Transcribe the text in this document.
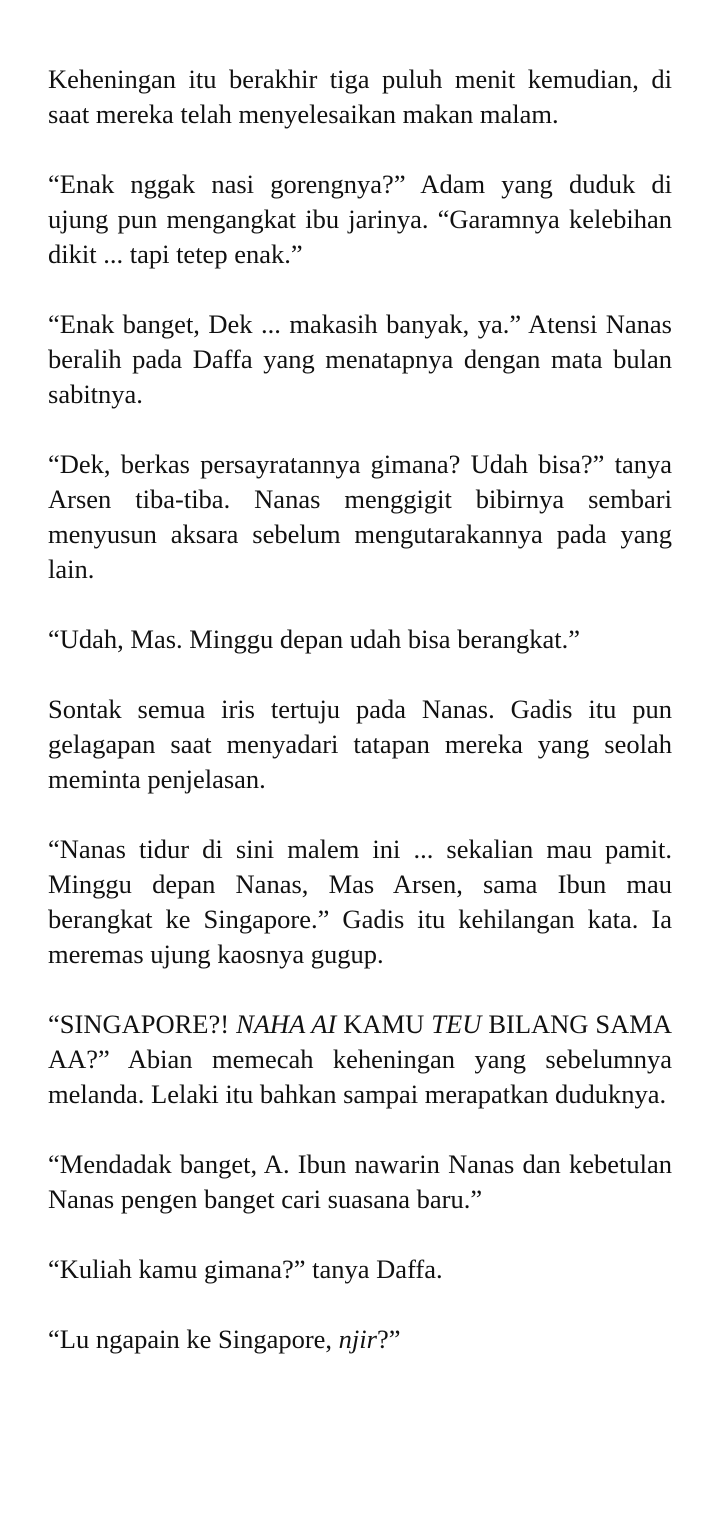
Keheningan itu berakhir tiga puluh menit kemudian, di saat mereka telah menyelesaikan makan malam.

“Enak nggak nasi gorengnya?” Adam yang duduk di ujung pun mengangkat ibu jarinya. “Garamnya kelebihan dikit ... tapi tetep enak.”

“Enak banget, Dek ... makasih banyak, ya.” Atensi Nanas beralih pada Daffa yang menatapnya dengan mata bulan sabitnya.

“Dek, berkas persayratannya gimana? Udah bisa?” tanya Arsen tiba-tiba. Nanas menggigit bibirnya sembari menyusun aksara sebelum mengutarakannya pada yang lain.

“Udah, Mas. Minggu depan udah bisa berangkat.”

Sontak semua iris tertuju pada Nanas. Gadis itu pun gelagapan saat menyadari tatapan mereka yang seolah meminta penjelasan.

“Nanas tidur di sini malem ini ... sekalian mau pamit. Minggu depan Nanas, Mas Arsen, sama Ibun mau berangkat ke Singapore.” Gadis itu kehilangan kata. Ia meremas ujung kaosnya gugup.

“SINGAPORE?! NAHA AI KAMU TEU BILANG SAMA AA?” Abian memecah keheningan yang sebelumnya melanda. Lelaki itu bahkan sampai merapatkan duduknya.

“Mendadak banget, A. Ibun nawarin Nanas dan kebetulan Nanas pengen banget cari suasana baru.”

“Kuliah kamu gimana?” tanya Daffa.

“Lu ngapain ke Singapore, njir?”
